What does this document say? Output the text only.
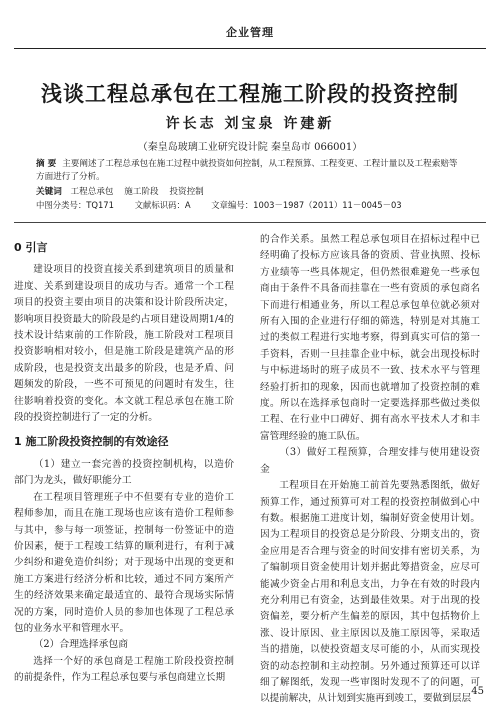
企业管理
浅谈工程总承包在工程施工阶段的投资控制
许长志 刘宝泉 许建新
（秦皇岛玻璃工业研究设计院 秦皇岛市 066001）
摘 要 主要阐述了工程总承包在施工过程中就投资如何控制，从工程预算、工程变更、工程计量以及工程索赔等方面进行了分析。
关键词 工程总承包 施工阶段 投资控制
中图分类号：TQ171 文献标识码：A 文章编号：1003－1987（2011）11－0045－03
0 引言

建设项目的投资直接关系到建筑项目的质量和进度、关系到建设项目的成功与否。通常一个工程项目的投资主要由项目的决策和设计阶段所决定，影响项目投资最大的阶段是约占项目建设周期1/4的技术设计结束前的工作阶段，施工阶段对工程项目投资影响相对较小，但是施工阶段是建筑产品的形成阶段，也是投资支出最多的阶段，也是矛盾、问题频发的阶段，一些不可预见的问题时有发生，往往影响着投资的变化。本文就工程总承包在施工阶段的投资控制进行了一定的分析。

1 施工阶段投资控制的有效途径

（1）建立一套完善的投资控制机构，以造价部门为龙头，做好职能分工

在工程项目管理班子中不但要有专业的造价工程师参加，而且在施工现场也应该有造价工程师参与其中，参与每一项签证，控制每一份签证中的造价因素，便于工程竣工结算的顺利进行，有利于减少纠纷和避免造价纠纷；对于现场中出现的变更和施工方案进行经济分析和比较，通过不同方案所产生的经济效果来确定最适宜的、最符合现场实际情况的方案，同时造价人员的参加也体现了工程总承包的业务水平和管理水平。

（2）合理选择承包商

选择一个好的承包商是工程施工阶段投资控制的前提条件，作为工程总承包要与承包商建立长期

的合作关系。虽然工程总承包项目在招标过程中已经明确了投标方应该具备的资质、营业执照、投标方业绩等一些具体规定，但仍然很难避免一些承包商由于条件不具备而挂靠在一些有资质的承包商名下而进行相通业务，所以工程总承包单位就必须对所有入围的企业进行仔细的筛选，特别是对其施工过的类似工程进行实地考察，得到真实可信的第一手资料，否则一旦挂靠企业中标，就会出现投标时与中标进场时的班子成员不一致、技术水平与管理经验打折扣的现象，因而也就增加了投资控制的难度。所以在选择承包商时一定要选择那些做过类似工程、在行业中口碑好、拥有高水平技术人才和丰富管理经验的施工队伍。

（3）做好工程预算，合理安排与使用建设资金

工程项目在开始施工前首先要熟悉图纸，做好预算工作，通过预算可对工程的投资控制做到心中有数。根据施工进度计划，编制好资金使用计划。因为工程项目的投资总是分阶段、分期支出的，资金应用是否合理与资金的时间安排有密切关系，为了编制项目资金使用计划并据此筹措资金，应尽可能减少资金占用和利息支出，力争在有效的时段内充分利用已有资金，达到最佳效果。对于出现的投资偏差，要分析产生偏差的原因，其中包括物价上涨、设计原因、业主原因以及施工原因等，采取适当的措施，以使投资超支尽可能的小，从而实现投资的动态控制和主动控制。另外通过预算还可以详细了解图纸，发现一些审图时发现不了的问题，可以提前解决，从计划到实施再到竣工，要做到层层

45
